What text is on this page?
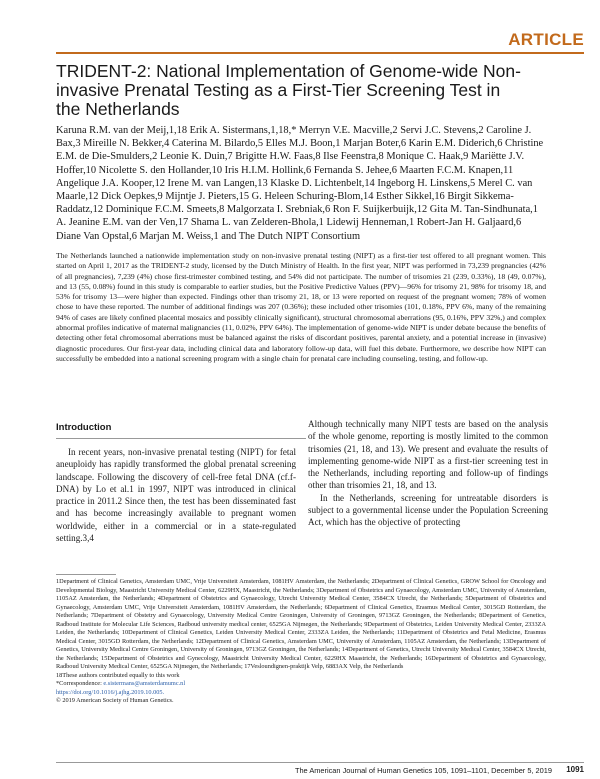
ARTICLE
TRIDENT-2: National Implementation of Genome-wide Non-invasive Prenatal Testing as a First-Tier Screening Test in the Netherlands

Karuna R.M. van der Meij,1,18 Erik A. Sistermans,1,18,* Merryn V.E. Macville,2 Servi J.C. Stevens,2 Caroline J. Bax,3 Mireille N. Bekker,4 Caterina M. Bilardo,5 Elles M.J. Boon,1 Marjan Boter,6 Karin E.M. Diderich,6 Christine E.M. de Die-Smulders,2 Leonie K. Duin,7 Brigitte H.W. Faas,8 Ilse Feenstra,8 Monique C. Haak,9 Mariëtte J.V. Hoffer,10 Nicolette S. den Hollander,10 Iris H.I.M. Hollink,6 Fernanda S. Jehee,6 Maarten F.C.M. Knapen,11 Angelique J.A. Kooper,12 Irene M. van Langen,13 Klaske D. Lichtenbelt,14 Ingeborg H. Linskens,5 Merel C. van Maarle,12 Dick Oepkes,9 Mijntje J. Pieters,15 G. Heleen Schuring-Blom,14 Esther Sikkel,16 Birgit Sikkema-Raddatz,12 Dominique F.C.M. Smeets,8 Malgorzata I. Srebniak,6 Ron F. Suijkerbuijk,12 Gita M. Tan-Sindhunata,1 A. Jeanine E.M. van der Ven,17 Shama L. van Zelderen-Bhola,1 Lidewij Henneman,1 Robert-Jan H. Galjaard,6 Diane Van Opstal,6 Marjan M. Weiss,1 and The Dutch NIPT Consortium

The Netherlands launched a nationwide implementation study on non-invasive prenatal testing (NIPT) as a first-tier test offered to all pregnant women. This started on April 1, 2017 as the TRIDENT-2 study, licensed by the Dutch Ministry of Health. In the first year, NIPT was performed in 73,239 pregnancies (42% of all pregnancies), 7,239 (4%) chose first-trimester combined testing, and 54% did not participate. The number of trisomies 21 (239, 0.33%), 18 (49, 0.07%), and 13 (55, 0.08%) found in this study is comparable to earlier studies, but the Positive Predictive Values (PPV)—96% for trisomy 21, 98% for trisomy 18, and 53% for trisomy 13—were higher than expected. Findings other than trisomy 21, 18, or 13 were reported on request of the pregnant women; 78% of women chose to have these reported. The number of additional findings was 207 (0.36%); these included other trisomies (101, 0.18%, PPV 6%, many of the remaining 94% of cases are likely confined placental mosaics and possibly clinically significant), structural chromosomal aberrations (95, 0.16%, PPV 32%,) and complex abnormal profiles indicative of maternal malignancies (11, 0.02%, PPV 64%). The implementation of genome-wide NIPT is under debate because the benefits of detecting other fetal chromosomal aberrations must be balanced against the risks of discordant positives, parental anxiety, and a potential increase in (invasive) diagnostic procedures. Our first-year data, including clinical data and laboratory follow-up data, will fuel this debate. Furthermore, we describe how NIPT can successfully be embedded into a national screening program with a single chain for prenatal care including counseling, testing, and follow-up.

Introduction

In recent years, non-invasive prenatal testing (NIPT) for fetal aneuploidy has rapidly transformed the global prenatal screening landscape. Following the discovery of cell-free fetal DNA (cf.f-DNA) by Lo et al.1 in 1997, NIPT was introduced in clinical practice in 2011.2 Since then, the test has been disseminated fast and has become increasingly available to pregnant women worldwide, either in a commercial or in a state-regulated setting.3,4

Although technically many NIPT tests are based on the analysis of the whole genome, reporting is mostly limited to the common trisomies (21, 18, and 13). We present and evaluate the results of implementing genome-wide NIPT as a first-tier screening test in the Netherlands, including reporting and follow-up of findings other than trisomies 21, 18, and 13.

In the Netherlands, screening for untreatable disorders is subject to a governmental license under the Population Screening Act, which has the objective of protecting

1Department of Clinical Genetics, Amsterdam UMC, Vrije Universiteit Amsterdam, 1081HV Amsterdam, the Netherlands; 2Department of Clinical Genetics, GROW School for Oncology and Developmental Biology, Maastricht University Medical Center, 6229HX, Maastricht, the Netherlands; 3Department of Obstetrics and Gynaecology, Amsterdam UMC, University of Amsterdam, 1105AZ Amsterdam, the Netherlands; 4Department of Obstetrics and Gynaecology, Utrecht University Medical Center, 3584CX Utrecht, the Netherlands; 5Department of Obstetrics and Gynaecology, Amsterdam UMC, Vrije Universiteit Amsterdam, 1081HV Amsterdam, the Netherlands; 6Department of Clinical Genetics, Erasmus Medical Center, 3015GD Rotterdam, the Netherlands; 7Department of Obstetry and Gynaecology, University Medical Centre Groningen, University of Groningen, 9713GZ Groningen, the Netherlands; 8Department of Genetics, Radboud Institute for Molecular Life Sciences, Radboud university medical center, 6525GA Nijmegen, the Netherlands; 9Department of Obstetrics, Leiden University Medical Center, 2333ZA Leiden, the Netherlands; 10Department of Clinical Genetics, Leiden University Medical Center, 2333ZA Leiden, the Netherlands; 11Department of Obstetrics and Fetal Medicine, Erasmus Medical Center, 3015GD Rotterdam, the Netherlands; 12Department of Clinical Genetics, Amsterdam UMC, University of Amsterdam, 1105AZ Amsterdam, the Netherlands; 13Department of Genetics, University Medical Centre Groningen, University of Groningen, 9713GZ Groningen, the Netherlands; 14Department of Genetics, Utrecht University Medical Center, 3584CX Utrecht, the Netherlands; 15Department of Obstetrics and Gynecology, Maastricht University Medical Center, 6229HX Maastricht, the Netherlands; 16Department of Obstetrics and Gynaecology, Radboud University Medical Center, 6525GA Nijmegen, the Netherlands; 17Vesloundignen-praktijk Velp, 6883AX Velp, the Netherlands
18These authors contributed equally to this work
*Correspondence: e.sistermans@amsterdamumc.nl
https://doi.org/10.1016/j.ajhg.2019.10.005.
© 2019 American Society of Human Genetics.
The American Journal of Human Genetics 105, 1091–1101, December 5, 2019 1091
